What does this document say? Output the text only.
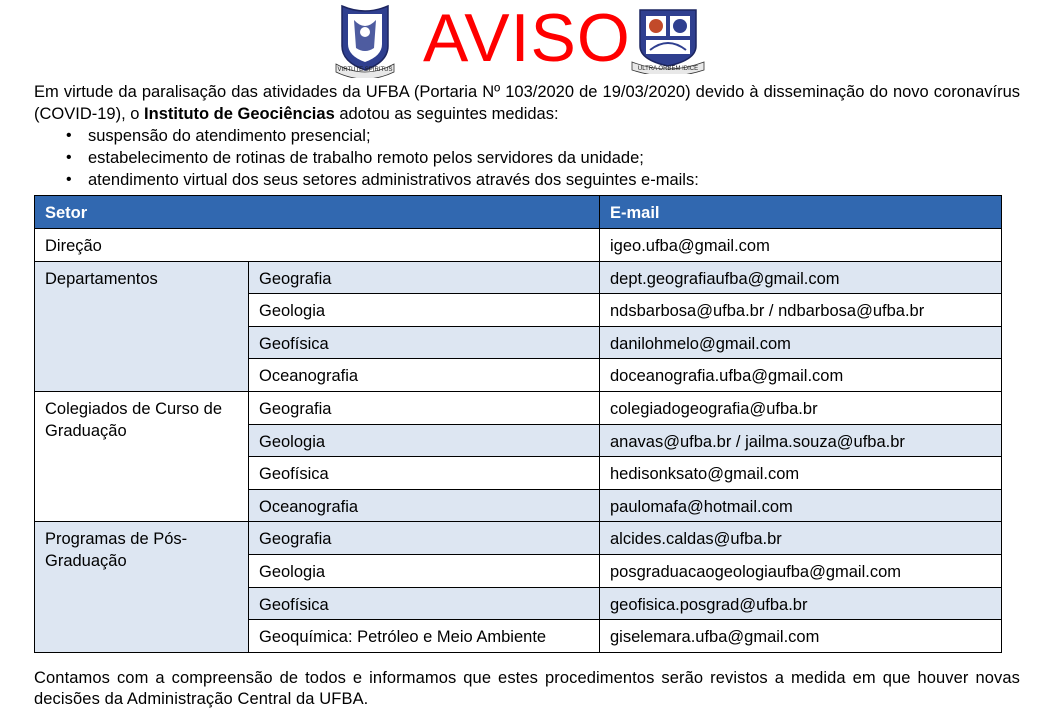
VIRTUTE SPIRITUS AVISO ULTRA ORBEM IDICE
Em virtude da paralisação das atividades da UFBA (Portaria Nº 103/2020 de 19/03/2020) devido à disseminação do novo coronavírus (COVID-19), o Instituto de Geociências adotou as seguintes medidas:
• suspensão do atendimento presencial;
• estabelecimento de rotinas de trabalho remoto pelos servidores da unidade;
• atendimento virtual dos seus setores administrativos através dos seguintes e-mails:
Setor		E-mail
Direção		igeo.ufba@gmail.com
Departamentos	Geografia	dept.geografiaufba@gmail.com
	Geologia	ndsbarbosa@ufba.br / ndbarbosa@ufba.br
	Geofísica	danilohmelo@gmail.com
	Oceanografia	doceanografia.ufba@gmail.com
Colegiados de Curso de Graduação	Geografia	colegiadogeografia@ufba.br
	Geologia	anavas@ufba.br / jailma.souza@ufba.br
	Geofísica	hedisonksato@gmail.com
	Oceanografia	paulomafa@hotmail.com
Programas de Pós-Graduação	Geografia	alcides.caldas@ufba.br
	Geologia	posgraduacaogeologiaufba@gmail.com
	Geofísica	geofisica.posgrad@ufba.br
	Geoquímica: Petróleo e Meio Ambiente	giselemara.ufba@gmail.com
Contamos com a compreensão de todos e informamos que estes procedimentos serão revistos a medida em que houver novas decisões da Administração Central da UFBA.
